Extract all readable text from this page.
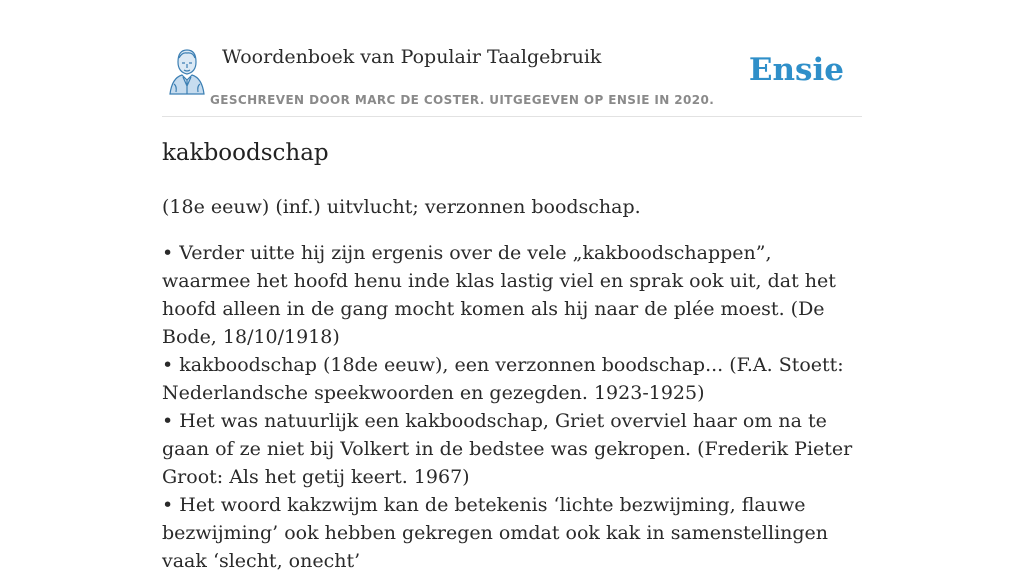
Woordenboek van Populair Taalgebruik
GESCHREVEN DOOR MARC DE COSTER. UITGEGEVEN OP ENSIE IN 2020.
Ensie
kakboodschap
(18e eeuw) (inf.) uitvlucht; verzonnen boodschap.

• Verder uitte hij zijn ergenis over de vele „kakboodschappen”, waarmee het hoofd henu inde klas lastig viel en sprak ook uit, dat het hoofd alleen in de gang mocht komen als hij naar de plée moest. (De Bode, 18/10/1918)

• kakboodschap (18de eeuw), een verzonnen boodschap... (F.A. Stoett: Nederlandsche speekwoorden en gezegden. 1923-1925)

• Het was natuurlijk een kakboodschap, Griet overviel haar om na te gaan of ze niet bij Volkert in de bedstee was gekropen. (Frederik Pieter Groot: Als het getij keert. 1967)

• Het woord kakzwijm kan de betekenis ‘lichte bezwijming, flauwe bezwijming’ ook hebben gekregen omdat ook kak in samenstellingen vaak ‘slecht, onecht’
